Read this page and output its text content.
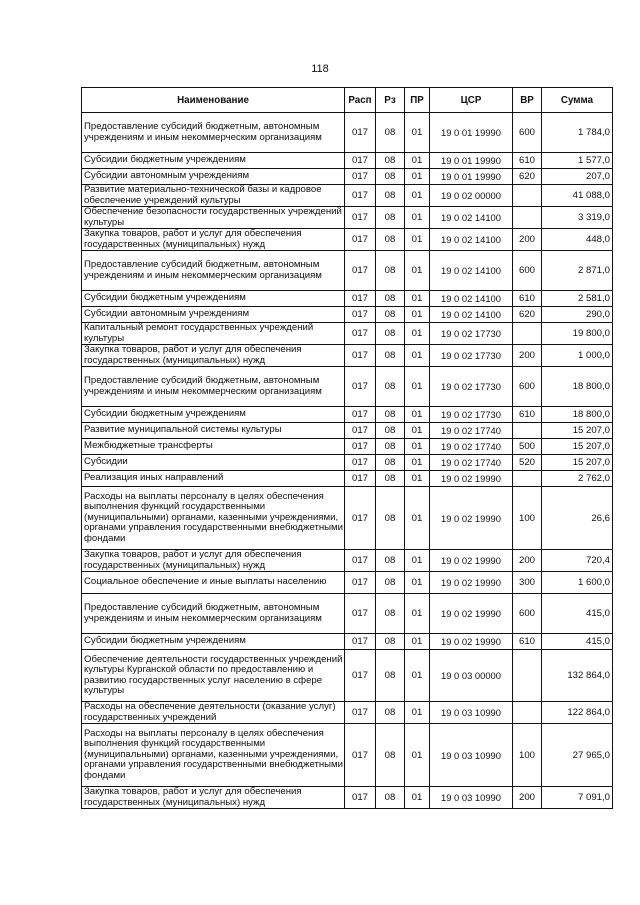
118
Наименование	Расп	Рз	ПР	ЦСР	ВР	Сумма
Предоставление субсидий бюджетным, автономным учреждениям и иным некоммерческим организациям	017	08	01	19 0 01 19990	600	1 784,0
Субсидии бюджетным учреждениям	017	08	01	19 0 01 19990	610	1 577,0
Субсидии автономным учреждениям	017	08	01	19 0 01 19990	620	207,0
Развитие материально-технической базы и кадровое обеспечение учреждений культуры	017	08	01	19 0 02 00000		41 088,0
Обеспечение безопасности государственных учреждений культуры	017	08	01	19 0 02 14100		3 319,0
Закупка товаров, работ и услуг для обеспечения государственных (муниципальных) нужд	017	08	01	19 0 02 14100	200	448,0
Предоставление субсидий бюджетным, автономным учреждениям и иным некоммерческим организациям	017	08	01	19 0 02 14100	600	2 871,0
Субсидии бюджетным учреждениям	017	08	01	19 0 02 14100	610	2 581,0
Субсидии автономным учреждениям	017	08	01	19 0 02 14100	620	290,0
Капитальный ремонт государственных учреждений культуры	017	08	01	19 0 02 17730		19 800,0
Закупка товаров, работ и услуг для обеспечения государственных (муниципальных) нужд	017	08	01	19 0 02 17730	200	1 000,0
Предоставление субсидий бюджетным, автономным учреждениям и иным некоммерческим организациям	017	08	01	19 0 02 17730	600	18 800,0
Субсидии бюджетным учреждениям	017	08	01	19 0 02 17730	610	18 800,0
Развитие муниципальной системы культуры	017	08	01	19 0 02 17740		15 207,0
Межбюджетные трансферты	017	08	01	19 0 02 17740	500	15 207,0
Субсидии	017	08	01	19 0 02 17740	520	15 207,0
Реализация иных направлений	017	08	01	19 0 02 19990		2 762,0
Расходы на выплаты персоналу в целях обеспечения выполнения функций государственными (муниципальными) органами, казенными учреждениями, органами управления государственными внебюджетными фондами	017	08	01	19 0 02 19990	100	26,6
Закупка товаров, работ и услуг для обеспечения государственных (муниципальных) нужд	017	08	01	19 0 02 19990	200	720,4
Социальное обеспечение и иные выплаты населению	017	08	01	19 0 02 19990	300	1 600,0
Предоставление субсидий бюджетным, автономным учреждениям и иным некоммерческим организациям	017	08	01	19 0 02 19990	600	415,0
Субсидии бюджетным учреждениям	017	08	01	19 0 02 19990	610	415,0
Обеспечение деятельности государственных учреждений культуры Курганской области по предоставлению и развитию государственных услуг населению в сфере культуры	017	08	01	19 0 03 00000		132 864,0
Расходы на обеспечение деятельности (оказание услуг) государственных учреждений	017	08	01	19 0 03 10990		122 864,0
Расходы на выплаты персоналу в целях обеспечения выполнения функций государственными (муниципальными) органами, казенными учреждениями, органами управления государственными внебюджетными фондами	017	08	01	19 0 03 10990	100	27 965,0
Закупка товаров, работ и услуг для обеспечения государственных (муниципальных) нужд	017	08	01	19 0 03 10990	200	7 091,0
